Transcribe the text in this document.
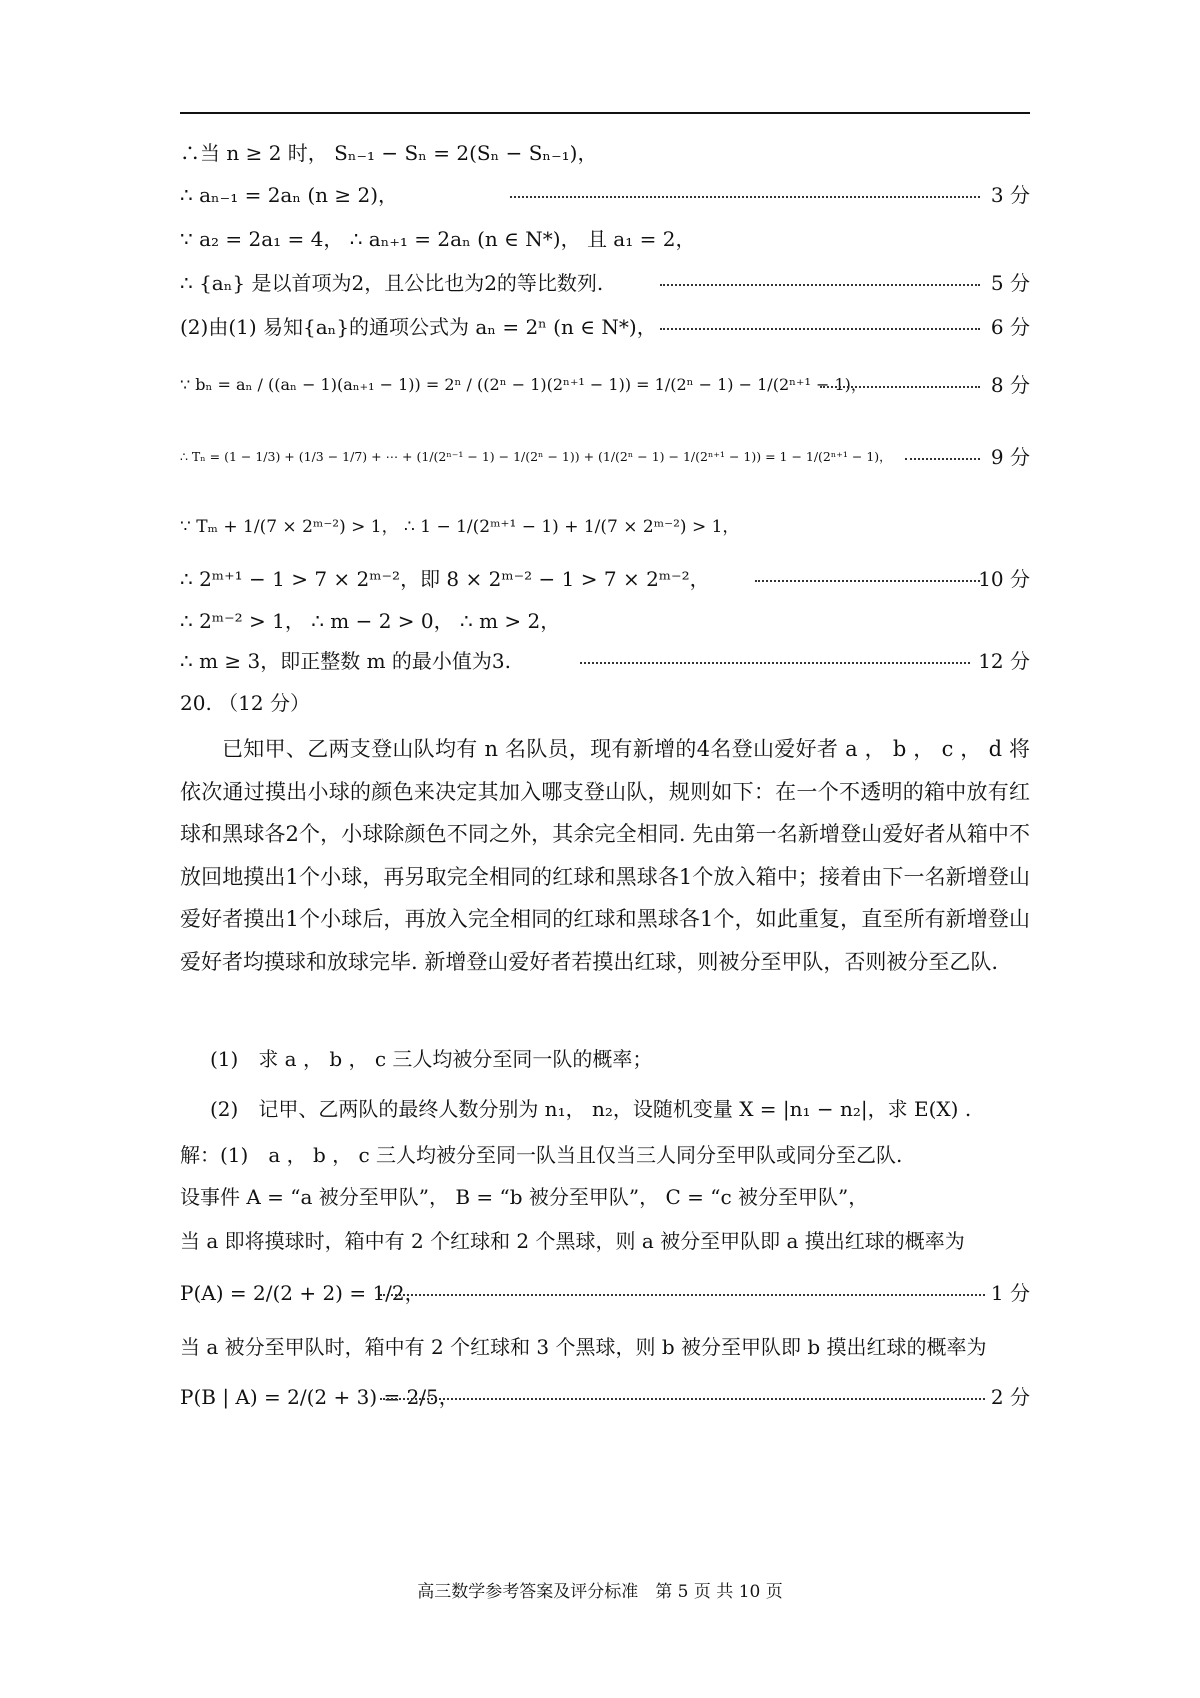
∴当 n ≥ 2 时， Sₙ₋₁ − Sₙ = 2(Sₙ − Sₙ₋₁)，
∴ aₙ₋₁ = 2aₙ (n ≥ 2)，	3 分
∵ a₂ = 2a₁ = 4， ∴ aₙ₊₁ = 2aₙ (n ∈ N*)， 且 a₁ = 2，
∴ {aₙ} 是以首项为2，且公比也为2的等比数列.	5 分
(2)由(1) 易知{aₙ}的通项公式为 aₙ = 2ⁿ (n ∈ N*)，	6 分
∵ bₙ = aₙ / ((aₙ − 1)(aₙ₊₁ − 1)) = 2ⁿ / ((2ⁿ − 1)(2ⁿ⁺¹ − 1)) = 1/(2ⁿ − 1) − 1/(2ⁿ⁺¹ − 1)，	8 分
∴ Tₙ = (1 − 1/3) + (1/3 − 1/7) + ⋯ + (1/(2ⁿ⁻¹ − 1) − 1/(2ⁿ − 1)) + (1/(2ⁿ − 1) − 1/(2ⁿ⁺¹ − 1)) = 1 − 1/(2ⁿ⁺¹ − 1)，	9 分
∵ Tₘ + 1/(7 × 2ᵐ⁻²) > 1， ∴ 1 − 1/(2ᵐ⁺¹ − 1) + 1/(7 × 2ᵐ⁻²) > 1，
∴ 2ᵐ⁺¹ − 1 > 7 × 2ᵐ⁻²，即 8 × 2ᵐ⁻² − 1 > 7 × 2ᵐ⁻²，	10 分
∴ 2ᵐ⁻² > 1， ∴ m − 2 > 0， ∴ m > 2，
∴ m ≥ 3，即正整数 m 的最小值为3.	12 分
20. （12 分）
已知甲、乙两支登山队均有 n 名队员，现有新增的4名登山爱好者 a ， b ， c ， d 将依次通过摸出小球的颜色来决定其加入哪支登山队，规则如下：在一个不透明的箱中放有红球和黑球各2个，小球除颜色不同之外，其余完全相同. 先由第一名新增登山爱好者从箱中不放回地摸出1个小球，再另取完全相同的红球和黑球各1个放入箱中；接着由下一名新增登山爱好者摸出1个小球后，再放入完全相同的红球和黑球各1个，如此重复，直至所有新增登山爱好者均摸球和放球完毕. 新增登山爱好者若摸出红球，则被分至甲队，否则被分至乙队.
(1)　求 a ， b ， c 三人均被分至同一队的概率；
(2)　记甲、乙两队的最终人数分别为 n₁， n₂，设随机变量 X = |n₁ − n₂|，求 E(X) .
解：(1)　a ， b ， c 三人均被分至同一队当且仅当三人同分至甲队或同分至乙队.
设事件 A = “a 被分至甲队”， B = “b 被分至甲队”， C = “c 被分至甲队”，
当 a 即将摸球时，箱中有 2 个红球和 2 个黑球，则 a 被分至甲队即 a 摸出红球的概率为
P(A) = 2/(2 + 2) = 1/2，	1 分
当 a 被分至甲队时，箱中有 2 个红球和 3 个黑球，则 b 被分至甲队即 b 摸出红球的概率为
P(B | A) = 2/(2 + 3) = 2/5，	2 分
高三数学参考答案及评分标准　第 5 页 共 10 页
